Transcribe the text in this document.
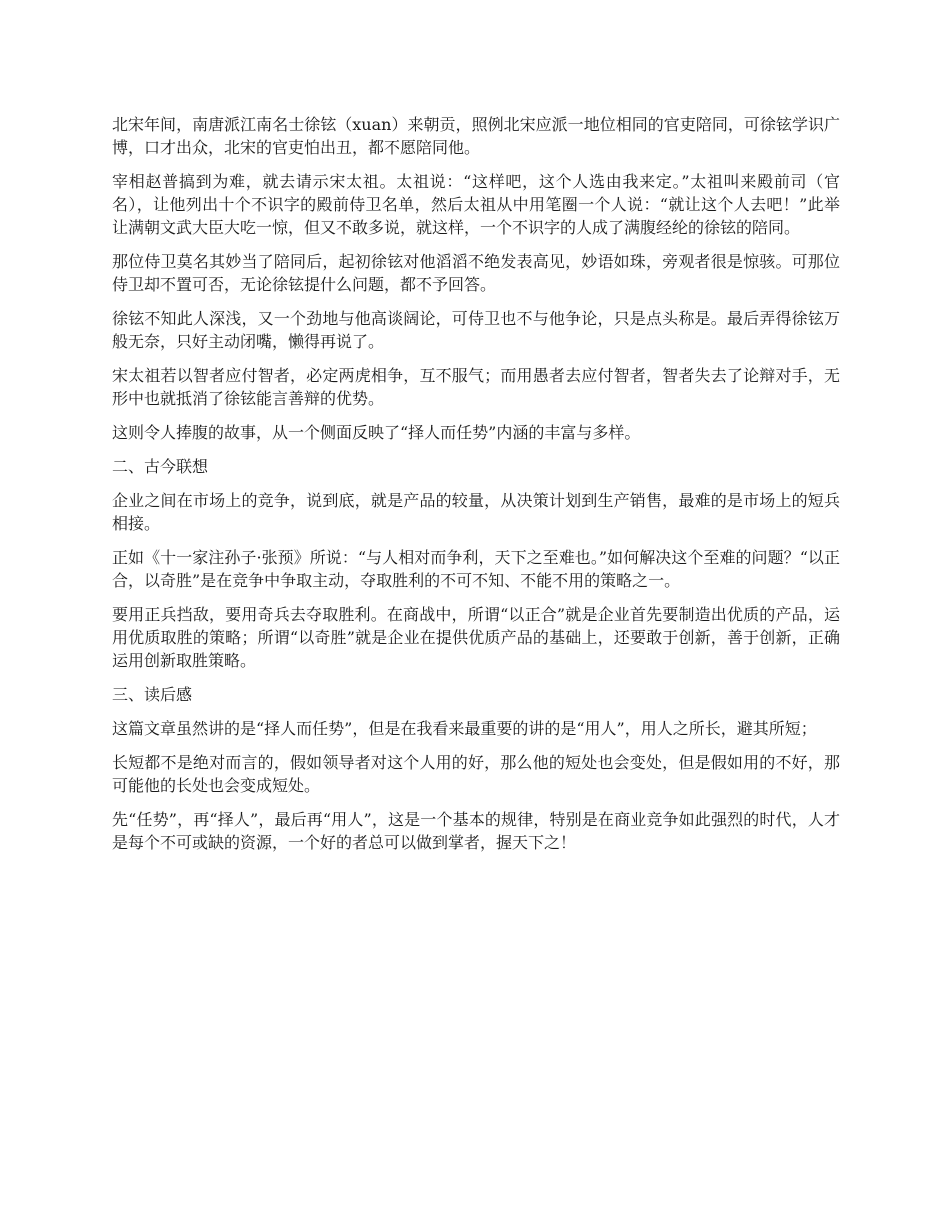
北宋年间，南唐派江南名士徐铉（xuan）来朝贡，照例北宋应派一地位相同的官吏陪同，可徐铉学识广博，口才出众，北宋的官吏怕出丑，都不愿陪同他。

宰相赵普搞到为难，就去请示宋太祖。太祖说：“这样吧，这个人选由我来定。”太祖叫来殿前司（官名），让他列出十个不识字的殿前侍卫名单，然后太祖从中用笔圈一个人说：“就让这个人去吧！”此举让满朝文武大臣大吃一惊，但又不敢多说，就这样，一个不识字的人成了满腹经纶的徐铉的陪同。

那位侍卫莫名其妙当了陪同后，起初徐铉对他滔滔不绝发表高见，妙语如珠，旁观者很是惊骇。可那位侍卫却不置可否，无论徐铉提什么问题，都不予回答。

徐铉不知此人深浅，又一个劲地与他高谈阔论，可侍卫也不与他争论，只是点头称是。最后弄得徐铉万般无奈，只好主动闭嘴，懒得再说了。

宋太祖若以智者应付智者，必定两虎相争，互不服气；而用愚者去应付智者，智者失去了论辩对手，无形中也就抵消了徐铉能言善辩的优势。

这则令人捧腹的故事，从一个侧面反映了“择人而任势”内涵的丰富与多样。

二、古今联想

企业之间在市场上的竞争，说到底，就是产品的较量，从决策计划到生产销售，最难的是市场上的短兵相接。

正如《十一家注孙子·张预》所说：“与人相对而争利，天下之至难也。”如何解决这个至难的问题？“以正合，以奇胜”是在竞争中争取主动，夺取胜利的不可不知、不能不用的策略之一。

要用正兵挡敌，要用奇兵去夺取胜利。在商战中，所谓“以正合”就是企业首先要制造出优质的产品，运用优质取胜的策略；所谓“以奇胜”就是企业在提供优质产品的基础上，还要敢于创新，善于创新，正确运用创新取胜策略。

三、读后感

这篇文章虽然讲的是“择人而任势”，但是在我看来最重要的讲的是“用人”，用人之所长，避其所短；

长短都不是绝对而言的，假如领导者对这个人用的好，那么他的短处也会变处，但是假如用的不好，那可能他的长处也会变成短处。

先“任势”，再“择人”，最后再“用人”，这是一个基本的规律，特别是在商业竞争如此强烈的时代，人才是每个不可或缺的资源，一个好的者总可以做到掌者，握天下之！
